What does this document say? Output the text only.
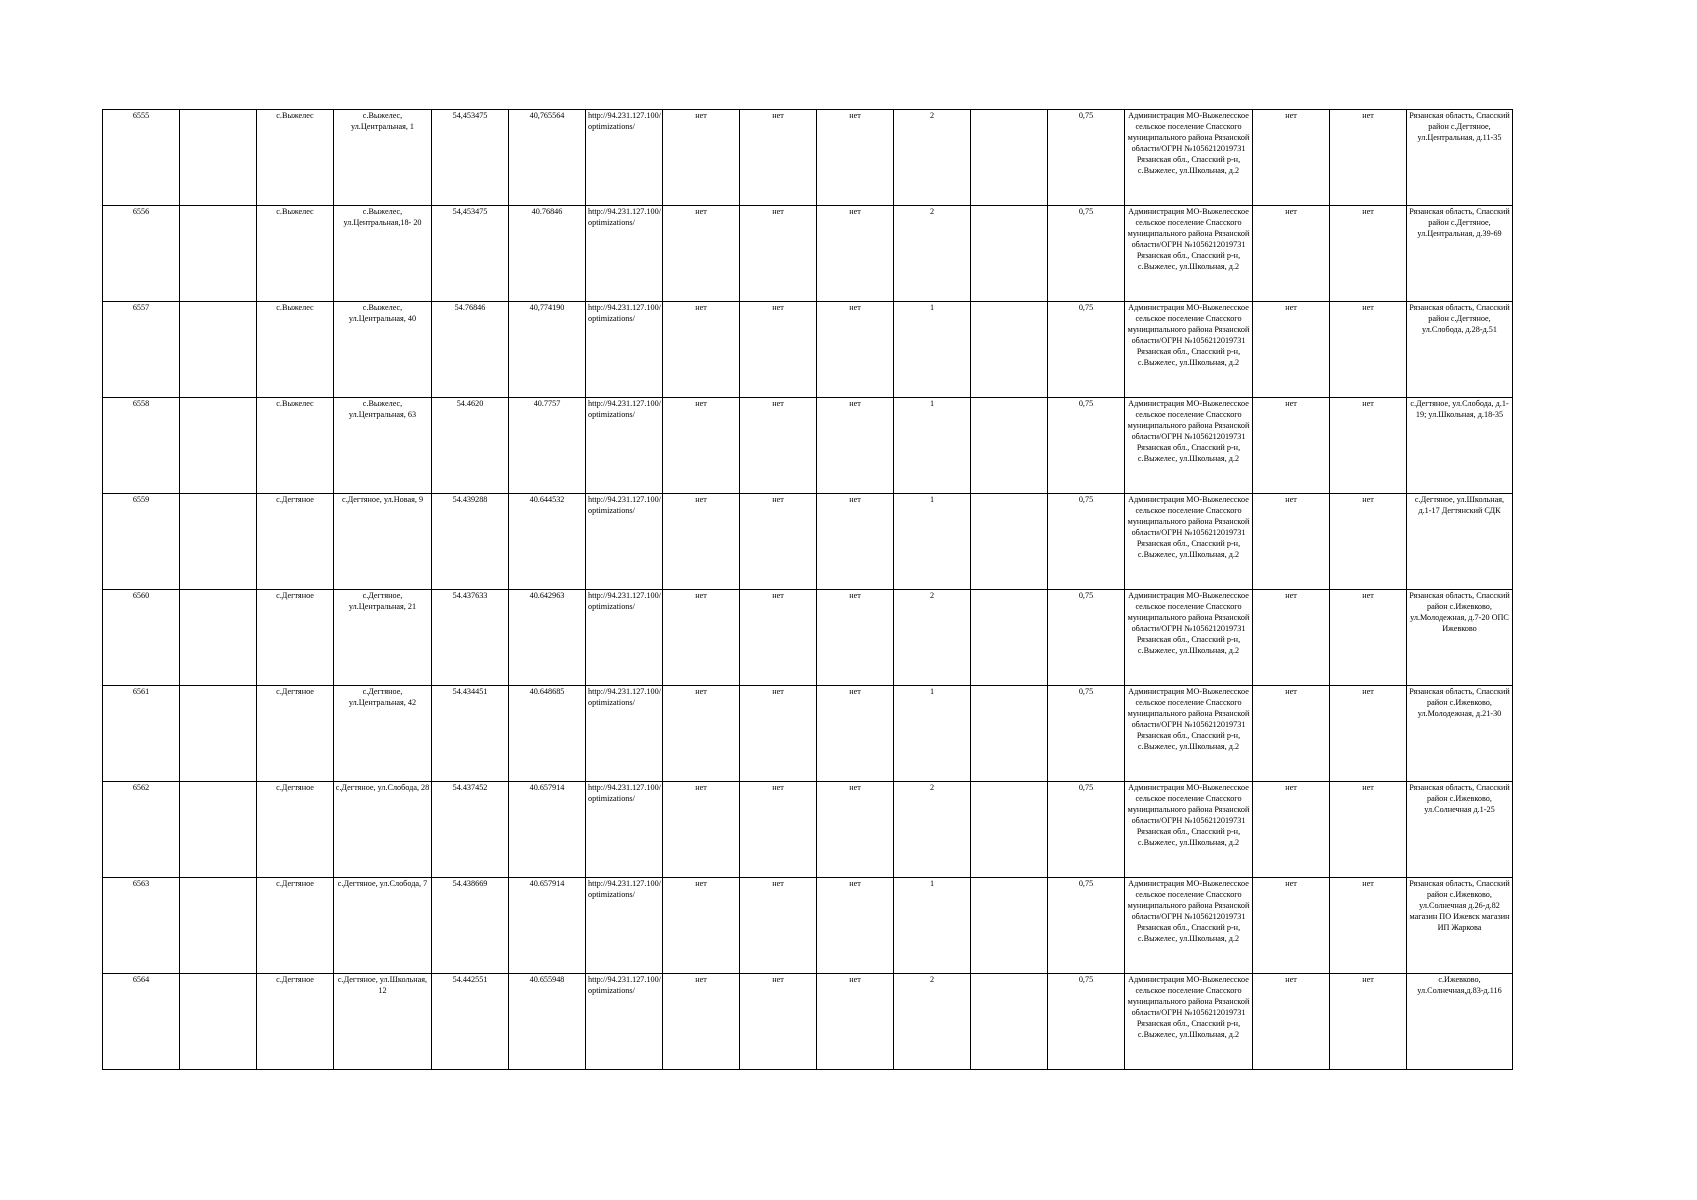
6555		с.Выжелес	с.Выжелес, ул.Центральная, 1	54,453475	40,765564	http://94.231.127.100/optimizations/	нет	нет	нет	2		0,75	Администрация МО-Выжелесское сельское поселение Спасского муниципального района Рязанской области/ОГРН №1056212019731 Рязанская обл., Спасский р-н, с.Выжелес, ул.Школьная, д.2	нет	нет	Рязанская область, Спасский район с.Дегтяное, ул.Центральная, д.11-35
6556		с.Выжелес	с.Выжелес, ул.Центральная,18- 20	54,453475	40.76846	http://94.231.127.100/optimizations/	нет	нет	нет	2		0,75	Администрация МО-Выжелесское сельское поселение Спасского муниципального района Рязанской области/ОГРН №1056212019731 Рязанская обл., Спасский р-н, с.Выжелес, ул.Школьная, д.2	нет	нет	Рязанская область, Спасский район с.Дегтяное, ул.Центральная, д.39-69
6557		с.Выжелес	с.Выжелес, ул.Центральная, 40	54.76846	40,774190	http://94.231.127.100/optimizations/	нет	нет	нет	1		0,75	Администрация МО-Выжелесское сельское поселение Спасского муниципального района Рязанской области/ОГРН №1056212019731 Рязанская обл., Спасский р-н, с.Выжелес, ул.Школьная, д.2	нет	нет	Рязанская область, Спасский район с.Дегтяное, ул.Слобода, д.28-д.51
6558		с.Выжелес	с.Выжелес, ул.Центральная, 63	54.4620	40.7757	http://94.231.127.100/optimizations/	нет	нет	нет	1		0,75	Администрация МО-Выжелесское сельское поселение Спасского муниципального района Рязанской области/ОГРН №1056212019731 Рязанская обл., Спасский р-н, с.Выжелес, ул.Школьная, д.2	нет	нет	с.Дегтяное, ул.Слобода, д.1-19; ул.Школьная, д.18-35
6559		с.Дегтяное	с.Дегтяное, ул.Новая, 9	54.439288	40.644532	http://94.231.127.100/optimizations/	нет	нет	нет	1		0,75	Администрация МО-Выжелесское сельское поселение Спасского муниципального района Рязанской области/ОГРН №1056212019731 Рязанская обл., Спасский р-н, с.Выжелес, ул.Школьная, д.2	нет	нет	с.Дегтяное, ул.Школьная, д.1-17 Дегтянский СДК
6560		с.Дегтяное	с.Дегтяное, ул.Центральная, 21	54.437633	40.642963	http://94.231.127.100/optimizations/	нет	нет	нет	2		0,75	Администрация МО-Выжелесское сельское поселение Спасского муниципального района Рязанской области/ОГРН №1056212019731 Рязанская обл., Спасский р-н, с.Выжелес, ул.Школьная, д.2	нет	нет	Рязанская область, Спасский район с.Ижевково, ул.Молодежная, д.7-20 ОПС Ижевково
6561		с.Дегтяное	с.Дегтяное, ул.Центральная, 42	54.434451	40.648685	http://94.231.127.100/optimizations/	нет	нет	нет	1		0,75	Администрация МО-Выжелесское сельское поселение Спасского муниципального района Рязанской области/ОГРН №1056212019731 Рязанская обл., Спасский р-н, с.Выжелес, ул.Школьная, д.2	нет	нет	Рязанская область, Спасский район с.Ижевково, ул.Молодежная, д.21-30
6562		с.Дегтяное	с.Дегтяное, ул.Слобода, 28	54.437452	40.657914	http://94.231.127.100/optimizations/	нет	нет	нет	2		0,75	Администрация МО-Выжелесское сельское поселение Спасского муниципального района Рязанской области/ОГРН №1056212019731 Рязанская обл., Спасский р-н, с.Выжелес, ул.Школьная, д.2	нет	нет	Рязанская область, Спасский район с.Ижевково, ул.Солнечная д.1-25
6563		с.Дегтяное	с.Дегтяное, ул.Слобода, 7	54.438669	40.657914	http://94.231.127.100/optimizations/	нет	нет	нет	1		0,75	Администрация МО-Выжелесское сельское поселение Спасского муниципального района Рязанской области/ОГРН №1056212019731 Рязанская обл., Спасский р-н, с.Выжелес, ул.Школьная, д.2	нет	нет	Рязанская область, Спасский район с.Ижевково, ул.Солнечная д.26-д.82 магазин ПО Ижевск магазин ИП Жаркова
6564		с.Дегтяное	с.Дегтяное, ул.Школьная, 12	54.442551	40.655948	http://94.231.127.100/optimizations/	нет	нет	нет	2		0,75	Администрация МО-Выжелесское сельское поселение Спасского муниципального района Рязанской области/ОГРН №1056212019731 Рязанская обл., Спасский р-н, с.Выжелес, ул.Школьная, д.2	нет	нет	с.Ижевково, ул.Солнечная,д.83-д.116
